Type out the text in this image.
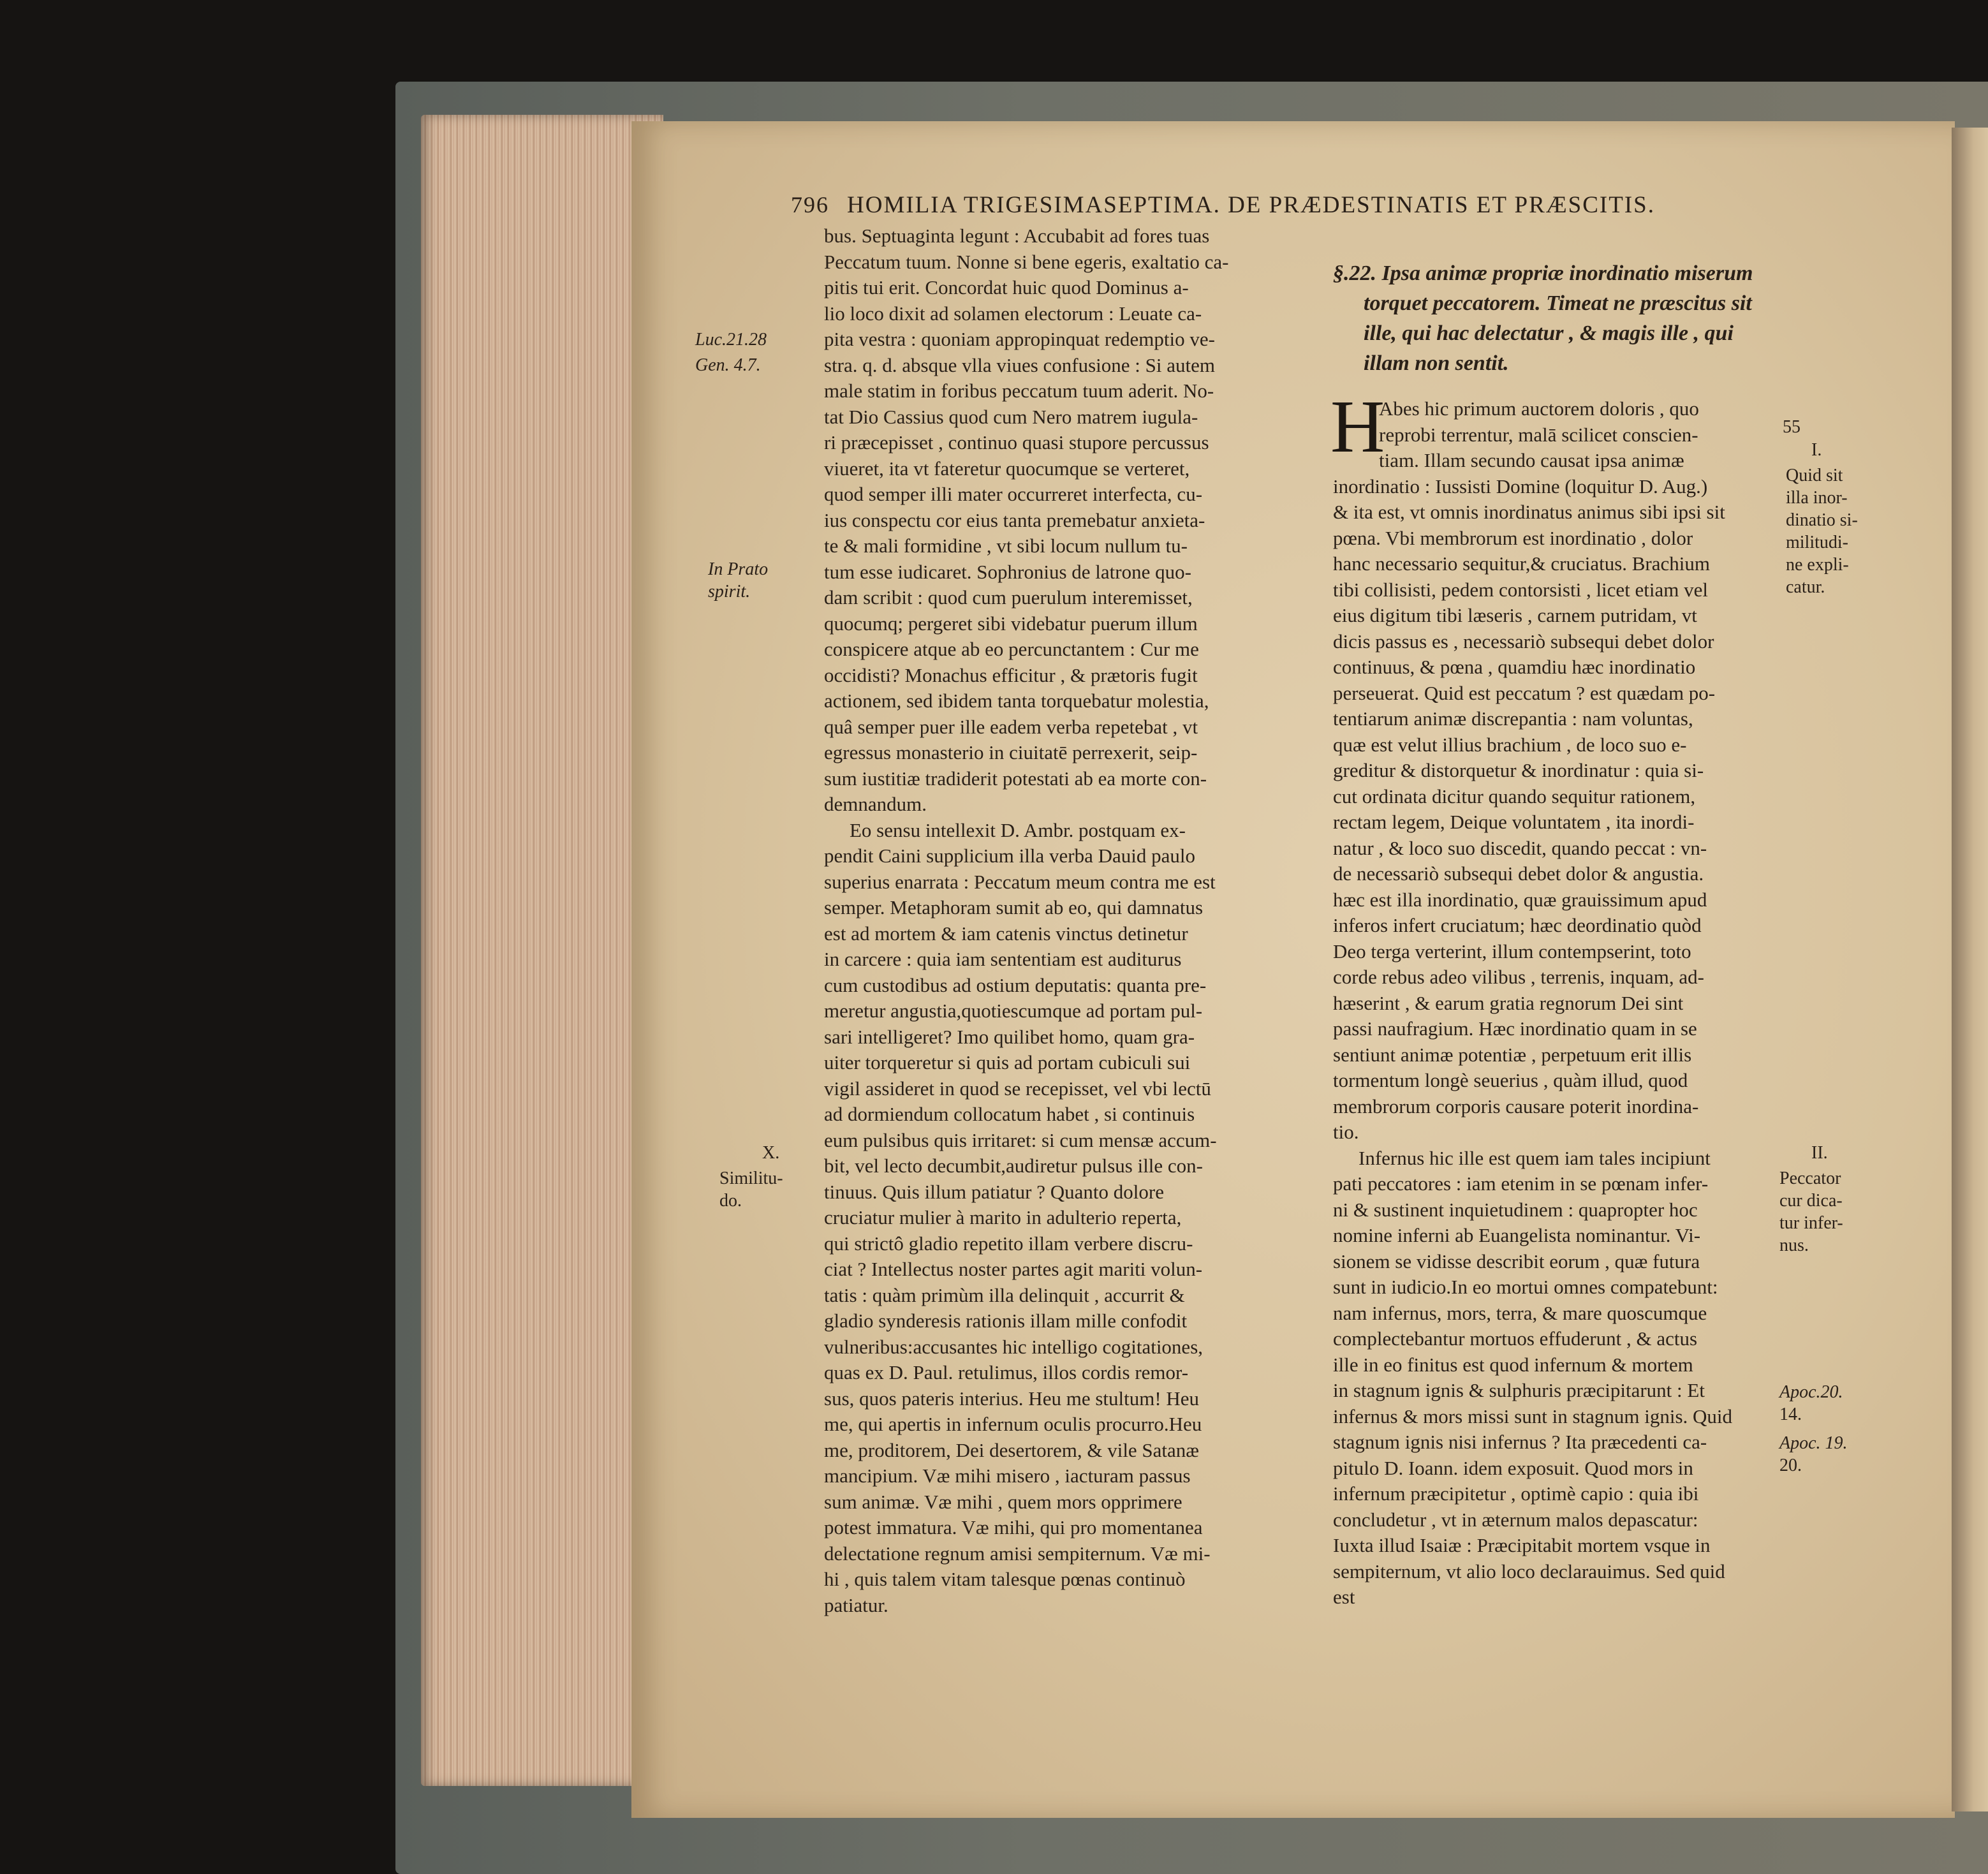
796 HOMILIA TRIGESIMASEPTIMA. DE PRÆDESTINATIS ET PRÆSCITIS.

bus. Septuaginta legunt : Accubabit ad fores tuas

Peccatum tuum. Nonne si bene egeris, exaltatio ca-

pitis tui erit. Concordat huic quod Dominus a-

lio loco dixit ad solamen electorum : Leuate ca-

pita vestra : quoniam appropinquat redemptio ve-

stra. q. d. absque vlla viues confusione : Si autem

male statim in foribus peccatum tuum aderit. No-

tat Dio Cassius quod cum Nero matrem iugula-

ri præcepisset , continuo quasi stupore percussus

viueret, ita vt fateretur quocumque se verteret,

quod semper illi mater occurreret interfecta, cu-

ius conspectu cor eius tanta premebatur anxieta-

te & mali formidine , vt sibi locum nullum tu-

tum esse iudicaret. Sophronius de latrone quo-

dam scribit : quod cum puerulum interemisset,

quocumq; pergeret sibi videbatur puerum illum

conspicere atque ab eo percunctantem : Cur me

occidisti? Monachus efficitur , & prætoris fugit

actionem, sed ibidem tanta torquebatur molestia,

quâ semper puer ille eadem verba repetebat , vt

egressus monasterio in ciuitatē perrexerit, seip-

sum iustitiæ tradiderit potestati ab ea morte con-

demnandum.

Eo sensu intellexit D. Ambr. postquam ex-

pendit Caini supplicium illa verba Dauid paulo

superius enarrata : Peccatum meum contra me est

semper. Metaphoram sumit ab eo, qui damnatus

est ad mortem & iam catenis vinctus detinetur

in carcere : quia iam sententiam est auditurus

cum custodibus ad ostium deputatis: quanta pre-

meretur angustia,quotiescumque ad portam pul-

sari intelligeret? Imo quilibet homo, quam gra-

uiter torqueretur si quis ad portam cubiculi sui

vigil assideret in quod se recepisset, vel vbi lectū

ad dormiendum collocatum habet , si continuis

eum pulsibus quis irritaret: si cum mensæ accum-

bit, vel lecto decumbit,audiretur pulsus ille con-

tinuus. Quis illum patiatur ? Quanto dolore

cruciatur mulier à marito in adulterio reperta,

qui strictô gladio repetito illam verbere discru-

ciat ? Intellectus noster partes agit mariti volun-

tatis : quàm primùm illa delinquit , accurrit &

gladio synderesis rationis illam mille confodit

vulneribus:accusantes hic intelligo cogitationes,

quas ex D. Paul. retulimus, illos cordis remor-

sus, quos pateris interius. Heu me stultum! Heu

me, qui apertis in infernum oculis procurro.Heu

me, proditorem, Dei desertorem, & vile Satanæ

mancipium. Væ mihi misero , iacturam passus

sum animæ. Væ mihi , quem mors opprimere

potest immatura. Væ mihi, qui pro momentanea

delectatione regnum amisi sempiternum. Væ mi-

hi , quis talem vitam talesque pœnas continuò

patiatur.

§.22. Ipsa animæ propriæ inordinatio miserum

torquet peccatorem. Timeat ne præscitus sit

ille, qui hac delectatur , & magis ille , qui

illam non sentit.

H

Abes hic primum auctorem doloris , quo

reprobi terrentur, malā scilicet conscien-

tiam. Illam secundo causat ipsa animæ

inordinatio : Iussisti Domine (loquitur D. Aug.)

& ita est, vt omnis inordinatus animus sibi ipsi sit

pœna. Vbi membrorum est inordinatio , dolor

hanc necessario sequitur,& cruciatus. Brachium

tibi collisisti, pedem contorsisti , licet etiam vel

eius digitum tibi læseris , carnem putridam, vt

dicis passus es , necessariò subsequi debet dolor

continuus, & pœna , quamdiu hæc inordinatio

perseuerat. Quid est peccatum ? est quædam po-

tentiarum animæ discrepantia : nam voluntas,

quæ est velut illius brachium , de loco suo e-

greditur & distorquetur & inordinatur : quia si-

cut ordinata dicitur quando sequitur rationem,

rectam legem, Deique voluntatem , ita inordi-

natur , & loco suo discedit, quando peccat : vn-

de necessariò subsequi debet dolor & angustia.

hæc est illa inordinatio, quæ grauissimum apud

inferos infert cruciatum; hæc deordinatio quòd

Deo terga verterint, illum contempserint, toto

corde rebus adeo vilibus , terrenis, inquam, ad-

hæserint , & earum gratia regnorum Dei sint

passi naufragium. Hæc inordinatio quam in se

sentiunt animæ potentiæ , perpetuum erit illis

tormentum longè seuerius , quàm illud, quod

membrorum corporis causare poterit inordina-

tio.

Infernus hic ille est quem iam tales incipiunt

pati peccatores : iam etenim in se pœnam infer-

ni & sustinent inquietudinem : quapropter hoc

nomine inferni ab Euangelista nominantur. Vi-

sionem se vidisse describit eorum , quæ futura

sunt in iudicio.In eo mortui omnes compatebunt:

nam infernus, mors, terra, & mare quoscumque

complectebantur mortuos effuderunt , & actus

ille in eo finitus est quod infernum & mortem

in stagnum ignis & sulphuris præcipitarunt : Et

infernus & mors missi sunt in stagnum ignis. Quid

stagnum ignis nisi infernus ? Ita præcedenti ca-

pitulo D. Ioann. idem exposuit. Quod mors in

infernum præcipitetur , optimè capio : quia ibi

concludetur , vt in æternum malos depascatur:

Iuxta illud Isaiæ : Præcipitabit mortem vsque in

sempiternum, vt alio loco declarauimus. Sed quid

est

Luc.21.28

Gen. 4.7.

In Prato

spirit.

X.

Similitu-

do.

55

I.

Quid sit

illa inor-

dinatio si-

militudi-

ne expli-

catur.

II.

Peccator

cur dica-

tur infer-

nus.

Apoc.20.

14.

Apoc. 19.

20.
